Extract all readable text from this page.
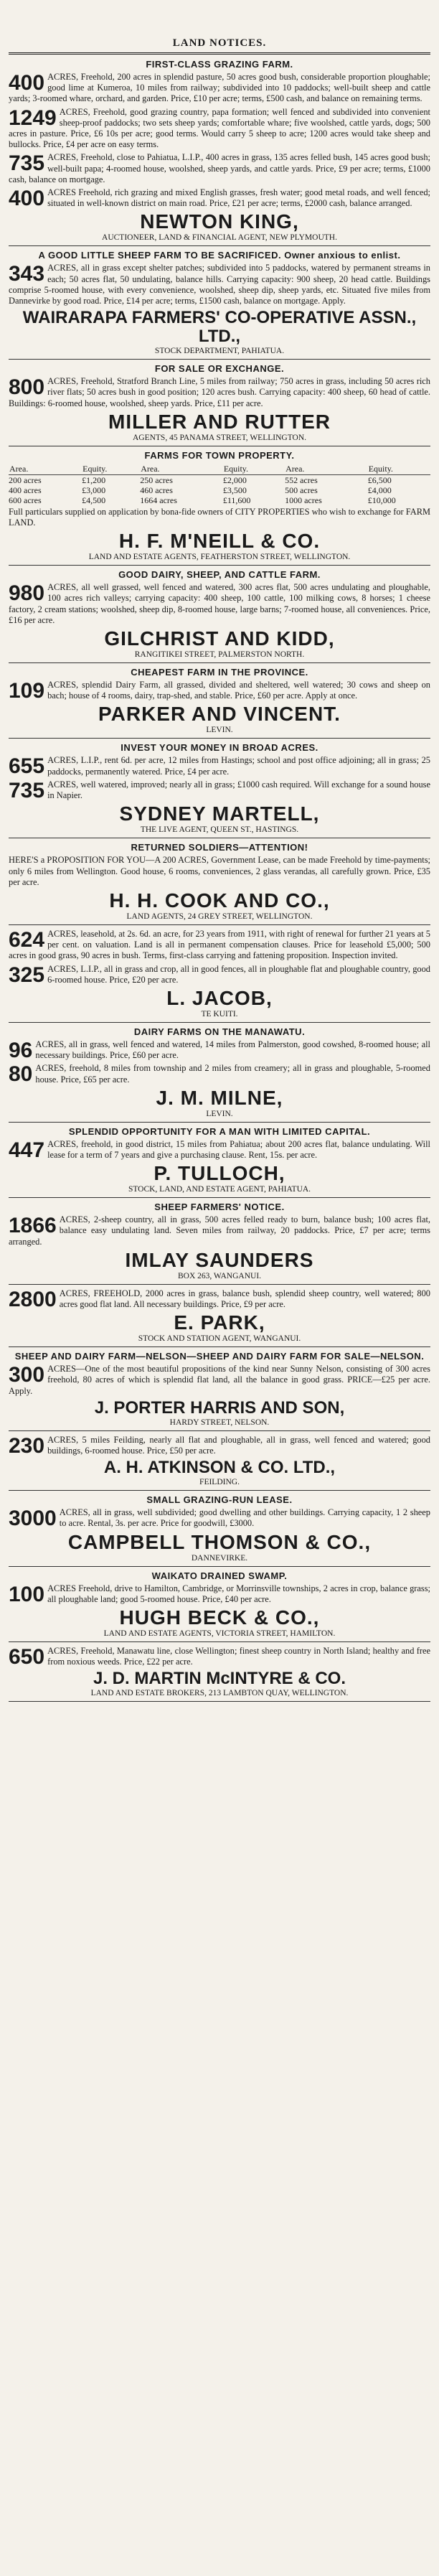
LAND NOTICES.
FIRST-CLASS GRAZING FARM.
400 ACRES, Freehold, 200 acres in splendid pasture, 50 acres good bush, considerable proportion ploughable; good lime at Kumeroa, 10 miles from railway; subdivided into 10 paddocks; well-built sheep and cattle yards; 3-roomed whare, orchard, and garden. Price, £10 per acre; terms, £500 cash, and balance on remaining terms.
1249 ACRES, Freehold, good grazing country, papa formation; well fenced and subdivided into convenient sheep-proof paddocks; two sets sheep yards; comfortable whare; five woolshed, cattle yards, dogs; 500 acres in pasture. Price, £6 10s per acre; good terms. Would carry 5 sheep to acre; 1200 acres would take sheep and bullocks. Price, £4 per acre on easy terms.
735 ACRES, Freehold, close to Pahiatua, L.I.P., 400 acres in grass, 135 acres felled bush, 145 acres good bush; well-built papa; 4-roomed house, woolshed, sheep yards, and cattle yards. Price, £9 per acre; terms, £1000 cash, balance on mortgage.
400 ACRES Freehold, rich grazing and mixed English grasses, fresh water; good metal roads, and well fenced; situated in well-known district on main road. Price, £21 per acre; terms, £2000 cash, balance arranged.
NEWTON KING,
AUCTIONEER, LAND & FINANCIAL AGENT, NEW PLYMOUTH.
A GOOD LITTLE SHEEP FARM TO BE SACRIFICED. Owner anxious to enlist.
343 ACRES, all in grass except shelter patches; subdivided into 5 paddocks, watered by permanent streams in each; 50 acres flat, 50 undulating, balance hills. Carrying capacity: 900 sheep, 20 head cattle. Buildings comprise 5-roomed house, with every convenience, woolshed, sheep dip, sheep yards, etc. Situated five miles from Dannevirke by good road. Price, £14 per acre; terms, £1500 cash, balance on mortgage. Apply.
WAIRARAPA FARMERS' CO-OPERATIVE ASSN., LTD.,
STOCK DEPARTMENT, PAHIATUA.
FOR SALE OR EXCHANGE.
800 ACRES, Freehold, Stratford Branch Line, 5 miles from railway; 750 acres in grass, including 50 acres rich river flats; 50 acres bush in good position; 120 acres bush. Carrying capacity: 400 sheep, 60 head of cattle. Buildings: 6-roomed house, woolshed, sheep yards. Price, £11 per acre.
MILLER AND RUTTER
AGENTS, 45 PANAMA STREET, WELLINGTON.
FARMS FOR TOWN PROPERTY.
Area.	Equity.	Area.	Equity.	Area.	Equity.
200 acres	£1,200	250 acres	£2,000	552 acres	£6,500
400 acres	£3,000	460 acres	£3,500	500 acres	£4,000
600 acres	£4,500	1664 acres	£11,600	1000 acres	£10,000
Full particulars supplied on application by bona-fide owners of CITY PROPERTIES who wish to exchange for FARM LAND.
H. F. M'NEILL & CO.
LAND AND ESTATE AGENTS, FEATHERSTON STREET, WELLINGTON.
GOOD DAIRY, SHEEP, AND CATTLE FARM.
980 ACRES, all well grassed, well fenced and watered, 300 acres flat, 500 acres undulating and ploughable, 100 acres rich valleys; carrying capacity: 400 sheep, 100 cattle, 100 milking cows, 8 horses; 1 cheese factory, 2 cream stations; woolshed, sheep dip, 8-roomed house, large barns; 7-roomed house, all conveniences. Price, £16 per acre.
GILCHRIST AND KIDD,
RANGITIKEI STREET, PALMERSTON NORTH.
CHEAPEST FARM IN THE PROVINCE.
109 ACRES, splendid Dairy Farm, all grassed, divided and sheltered, well watered; 30 cows and sheep on bach; house of 4 rooms, dairy, trap-shed, and stable. Price, £60 per acre. Apply at once.
PARKER AND VINCENT.
LEVIN.
INVEST YOUR MONEY IN BROAD ACRES.
655 ACRES, L.I.P., rent 6d. per acre, 12 miles from Hastings; school and post office adjoining; all in grass; 25 paddocks, permanently watered. Price, £4 per acre.
735 ACRES, well watered, improved; nearly all in grass; £1000 cash required. Will exchange for a sound house in Napier.
SYDNEY MARTELL,
THE LIVE AGENT, QUEEN ST., HASTINGS.
RETURNED SOLDIERS—ATTENTION!
HERE'S a PROPOSITION FOR YOU—A 200 ACRES, Government Lease, can be made Freehold by time-payments; only 6 miles from Wellington. Good house, 6 rooms, conveniences, 2 glass verandas, all carefully grown. Price, £35 per acre.
H. H. COOK AND CO.,
LAND AGENTS, 24 GREY STREET, WELLINGTON.
624 ACRES, leasehold, at 2s. 6d. an acre, for 23 years from 1911, with right of renewal for further 21 years at 5 per cent. on valuation. Land is all in permanent compensation clauses. Price for leasehold £5,000; 500 acres in good grass, 90 acres in bush. Terms, first-class carrying and fattening proposition. Inspection invited.
325 ACRES, L.I.P., all in grass and crop, all in good fences, all in ploughable flat and ploughable country, good 6-roomed house. Price, £20 per acre.
L. JACOB,
TE KUITI.
DAIRY FARMS ON THE MANAWATU.
96 ACRES, all in grass, well fenced and watered, 14 miles from Palmerston, good cowshed, 8-roomed house; all necessary buildings. Price, £60 per acre.
80 ACRES, freehold, 8 miles from township and 2 miles from creamery; all in grass and ploughable, 5-roomed house. Price, £65 per acre.
J. M. MILNE,
LEVIN.
SPLENDID OPPORTUNITY FOR A MAN WITH LIMITED CAPITAL.
447 ACRES, freehold, in good district, 15 miles from Pahiatua; about 200 acres flat, balance undulating. Will lease for a term of 7 years and give a purchasing clause. Rent, 15s. per acre.
P. TULLOCH,
STOCK, LAND, AND ESTATE AGENT, PAHIATUA.
SHEEP FARMERS' NOTICE.
1866 ACRES, 2-sheep country, all in grass, 500 acres felled ready to burn, balance bush; 100 acres flat, balance easy undulating land. Seven miles from railway, 20 paddocks. Price, £7 per acre; terms arranged.
IMLAY SAUNDERS
BOX 263, WANGANUI.
2800 ACRES, FREEHOLD, 2000 acres in grass, balance bush, splendid sheep country, well watered; 800 acres good flat land. All necessary buildings. Price, £9 per acre.
E. PARK,
STOCK AND STATION AGENT, WANGANUI.
SHEEP AND DAIRY FARM—NELSON—SHEEP AND DAIRY FARM FOR SALE—NELSON.
300 ACRES—One of the most beautiful propositions of the kind near Sunny Nelson, consisting of 300 acres freehold, 80 acres of which is splendid flat land, all the balance in good grass. PRICE—£25 per acre. Apply.
J. PORTER HARRIS AND SON,
HARDY STREET, NELSON.
230 ACRES, 5 miles Feilding, nearly all flat and ploughable, all in grass, well fenced and watered; good buildings, 6-roomed house. Price, £50 per acre.
A. H. ATKINSON & CO. LTD.,
FEILDING.
SMALL GRAZING-RUN LEASE.
3000 ACRES, all in grass, well subdivided; good dwelling and other buildings. Carrying capacity, 1 2 sheep to acre. Rental, 3s. per acre. Price for goodwill, £3000.
CAMPBELL THOMSON & CO.,
DANNEVIRKE.
WAIKATO DRAINED SWAMP.
100 ACRES Freehold, drive to Hamilton, Cambridge, or Morrinsville townships, 2 acres in crop, balance grass; all ploughable land; good 5-roomed house. Price, £40 per acre.
HUGH BECK & CO.,
LAND AND ESTATE AGENTS, VICTORIA STREET, HAMILTON.
650 ACRES, Freehold, Manawatu line, close Wellington; finest sheep country in North Island; healthy and free from noxious weeds. Price, £22 per acre.
J. D. MARTIN McINTYRE & CO.
LAND AND ESTATE BROKERS, 213 LAMBTON QUAY, WELLINGTON.
